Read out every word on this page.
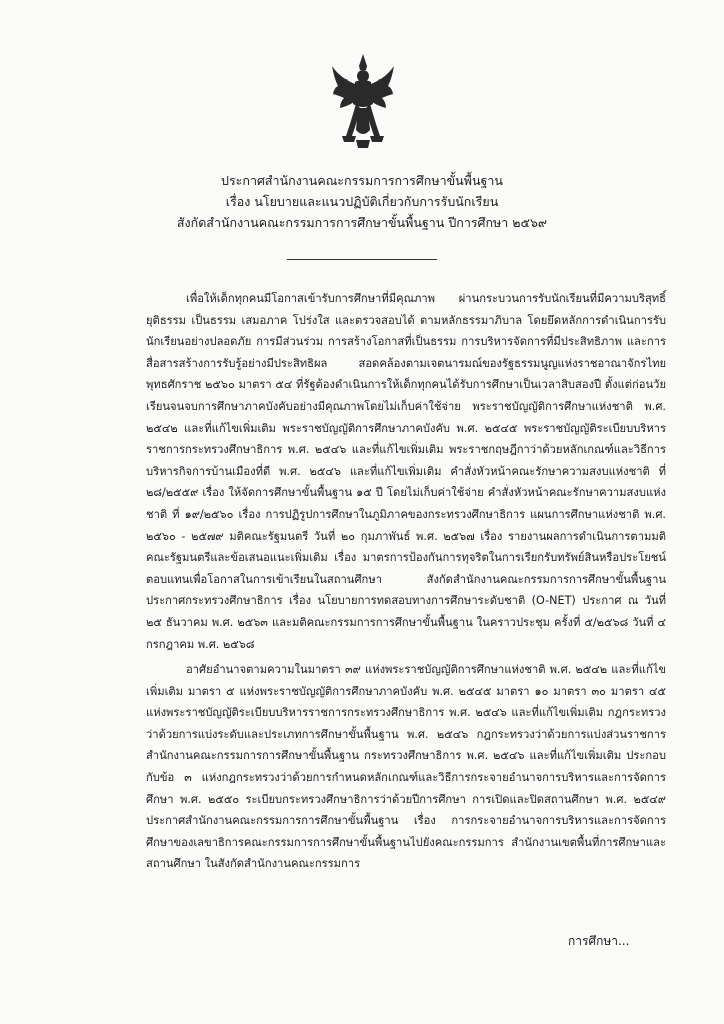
ประกาศสำนักงานคณะกรรมการการศึกษาขั้นพื้นฐาน
เรื่อง นโยบายและแนวปฏิบัติเกี่ยวกับการรับนักเรียน
สังกัดสำนักงานคณะกรรมการการศึกษาขั้นพื้นฐาน ปีการศึกษา ๒๕๖๙

เพื่อให้เด็กทุกคนมีโอกาสเข้ารับการศึกษาที่มีคุณภาพ ผ่านกระบวนการรับนักเรียนที่มีความบริสุทธิ์ ยุติธรรม เป็นธรรม เสมอภาค โปร่งใส และตรวจสอบได้ ตามหลักธรรมาภิบาล โดยยึดหลักการดำเนินการรับนักเรียนอย่างปลอดภัย การมีส่วนร่วม การสร้างโอกาสที่เป็นธรรม การบริหารจัดการที่มีประสิทธิภาพ และการสื่อสารสร้างการรับรู้อย่างมีประสิทธิผล สอดคล้องตามเจตนารมณ์ของรัฐธรรมนูญแห่งราชอาณาจักรไทย พุทธศักราช ๒๕๖๐ มาตรา ๕๔ ที่รัฐต้องดำเนินการให้เด็กทุกคนได้รับการศึกษาเป็นเวลาสิบสองปี ตั้งแต่ก่อนวัยเรียนจนจบการศึกษาภาคบังคับอย่างมีคุณภาพโดยไม่เก็บค่าใช้จ่าย พระราชบัญญัติการศึกษาแห่งชาติ พ.ศ. ๒๕๔๒ และที่แก้ไขเพิ่มเติม พระราชบัญญัติการศึกษาภาคบังคับ พ.ศ. ๒๕๔๕ พระราชบัญญัติระเบียบบริหารราชการกระทรวงศึกษาธิการ พ.ศ. ๒๕๔๖ และที่แก้ไขเพิ่มเติม พระราชกฤษฎีกาว่าด้วยหลักเกณฑ์และวิธีการบริหารกิจการบ้านเมืองที่ดี พ.ศ. ๒๕๔๖ และที่แก้ไขเพิ่มเติม คำสั่งหัวหน้าคณะรักษาความสงบแห่งชาติ ที่ ๒๘/๒๕๕๙ เรื่อง ให้จัดการศึกษาขั้นพื้นฐาน ๑๕ ปี โดยไม่เก็บค่าใช้จ่าย คำสั่งหัวหน้าคณะรักษาความสงบแห่งชาติ ที่ ๑๙/๒๕๖๐ เรื่อง การปฏิรูปการศึกษาในภูมิภาคของกระทรวงศึกษาธิการ แผนการศึกษาแห่งชาติ พ.ศ. ๒๕๖๐ - ๒๕๗๙ มติคณะรัฐมนตรี วันที่ ๒๐ กุมภาพันธ์ พ.ศ. ๒๕๖๗ เรื่อง รายงานผลการดำเนินการตามมติคณะรัฐมนตรีและข้อเสนอแนะเพิ่มเติม เรื่อง มาตรการป้องกันการทุจริตในการเรียกรับทรัพย์สินหรือประโยชน์ตอบแทนเพื่อโอกาสในการเข้าเรียนในสถานศึกษา สังกัดสำนักงานคณะกรรมการการศึกษาขั้นพื้นฐาน ประกาศกระทรวงศึกษาธิการ เรื่อง นโยบายการทดสอบทางการศึกษาระดับชาติ (O-NET) ประกาศ ณ วันที่ ๒๕ ธันวาคม พ.ศ. ๒๕๖๓ และมติคณะกรรมการการศึกษาขั้นพื้นฐาน ในคราวประชุม ครั้งที่ ๕/๒๕๖๘ วันที่ ๔ กรกฎาคม พ.ศ. ๒๕๖๘

อาศัยอำนาจตามความในมาตรา ๓๙ แห่งพระราชบัญญัติการศึกษาแห่งชาติ พ.ศ. ๒๕๔๒ และที่แก้ไขเพิ่มเติม มาตรา ๕ แห่งพระราชบัญญัติการศึกษาภาคบังคับ พ.ศ. ๒๕๔๕ มาตรา ๑๐ มาตรา ๓๐ มาตรา ๔๕ แห่งพระราชบัญญัติระเบียบบริหารราชการกระทรวงศึกษาธิการ พ.ศ. ๒๕๔๖ และที่แก้ไขเพิ่มเติม กฎกระทรวงว่าด้วยการแบ่งระดับและประเภทการศึกษาขั้นพื้นฐาน พ.ศ. ๒๕๔๖ กฎกระทรวงว่าด้วยการแบ่งส่วนราชการสำนักงานคณะกรรมการการศึกษาขั้นพื้นฐาน กระทรวงศึกษาธิการ พ.ศ. ๒๕๔๖ และที่แก้ไขเพิ่มเติม ประกอบกับข้อ ๓ แห่งกฎกระทรวงว่าด้วยการกำหนดหลักเกณฑ์และวิธีการกระจายอำนาจการบริหารและการจัดการศึกษา พ.ศ. ๒๕๕๐ ระเบียบกระทรวงศึกษาธิการว่าด้วยปีการศึกษา การเปิดและปิดสถานศึกษา พ.ศ. ๒๕๔๙ ประกาศสำนักงานคณะกรรมการการศึกษาขั้นพื้นฐาน เรื่อง การกระจายอำนาจการบริหารและการจัดการศึกษาของเลขาธิการคณะกรรมการการศึกษาขั้นพื้นฐานไปยังคณะกรรมการ สำนักงานเขตพื้นที่การศึกษาและสถานศึกษา ในสังกัดสำนักงานคณะกรรมการ

การศึกษา...
